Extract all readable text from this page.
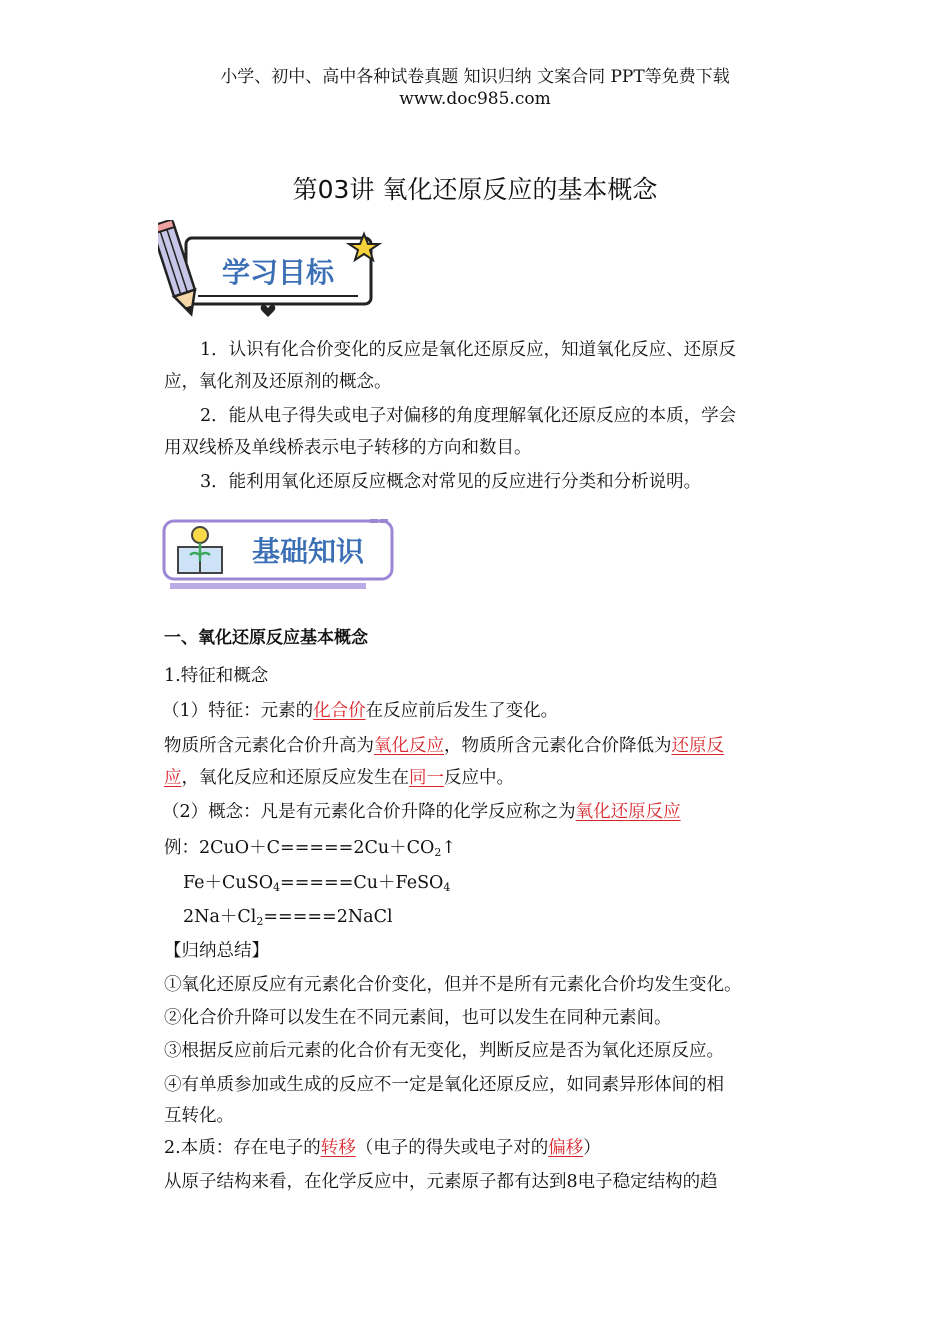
小学、初中、高中各种试卷真题 知识归纳 文案合同 PPT等免费下载
www.doc985.com
第03讲 氧化还原反应的基本概念
学习目标
1．认识有化合价变化的反应是氧化还原反应，知道氧化反应、还原反
应，氧化剂及还原剂的概念。
2．能从电子得失或电子对偏移的角度理解氧化还原反应的本质，学会
用双线桥及单线桥表示电子转移的方向和数目。
3．能利用氧化还原反应概念对常见的反应进行分类和分析说明。
基础知识
一、氧化还原反应基本概念
1.特征和概念
（1）特征：元素的化合价在反应前后发生了变化。
物质所含元素化合价升高为氧化反应，物质所含元素化合价降低为还原反
应，氧化反应和还原反应发生在同一反应中。
（2）概念：凡是有元素化合价升降的化学反应称之为氧化还原反应
例：$2CuO+C=====2Cu+CO_2↑$
Fe＋CuSO$_4$=====Cu＋FeSO$_4$
$2Na+Cl_2=====2NaCl$
【归纳总结】
①氧化还原反应有元素化合价变化，但并不是所有元素化合价均发生变化。
②化合价升降可以发生在不同元素间，也可以发生在同种元素间。
③根据反应前后元素的化合价有无变化，判断反应是否为氧化还原反应。
④有单质参加或生成的反应不一定是氧化还原反应，如同素异形体间的相
互转化。
2.本质：存在电子的转移（电子的得失或电子对的偏移）
从原子结构来看，在化学反应中，元素原子都有达到8电子稳定结构的趋
